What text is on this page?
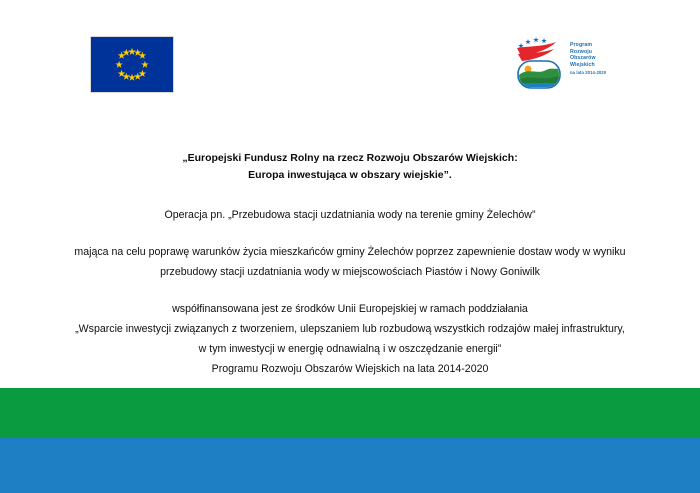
Program
Rozwoju
Obszarów
Wiejskich
na lata 2014-2020
„Europejski Fundusz Rolny na rzecz Rozwoju Obszarów Wiejskich:
Europa inwestująca w obszary wiejskie”.
Operacja pn. „Przebudowa stacji uzdatniania wody na terenie gminy Żelechów”
mająca na celu poprawę warunków życia mieszkańców gminy Żelechów poprzez zapewnienie dostaw wody w wyniku
przebudowy stacji uzdatniania wody w miejscowościach Piastów i Nowy Goniwilk
współfinansowana jest ze środków Unii Europejskiej w ramach poddziałania
„Wsparcie inwestycji związanych z tworzeniem, ulepszaniem lub rozbudową wszystkich rodzajów małej infrastruktury,
w tym inwestycji w energię odnawialną i w oszczędzanie energii”
Programu Rozwoju Obszarów Wiejskich na lata 2014-2020
